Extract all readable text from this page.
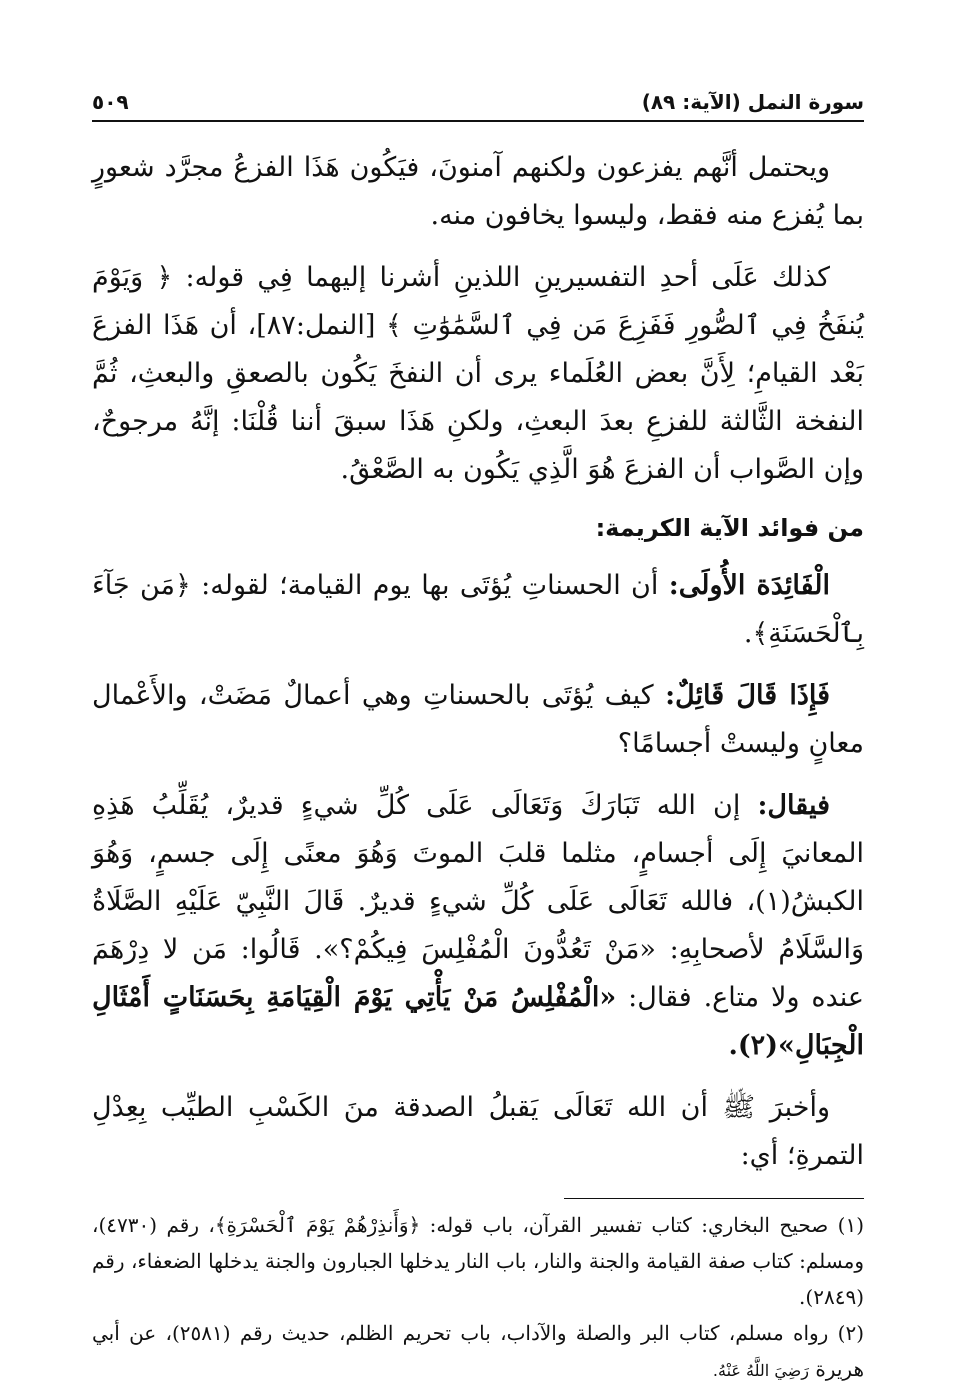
سورة النمل (الآية: ٨٩)
٥٠٩

ويحتمل أنَّهم يفزعون ولكنهم آمنونَ، فيَكُون هَذَا الفزعُ مجرَّد شعورٍ بما يُفزع منه فقط، وليسوا يخافون منه.

كذلك عَلَى أحدِ التفسيرينِ اللذينِ أشرنا إليهما فِي قوله: ﴿ وَيَوْمَ يُنفَخُ فِي ٱلصُّورِ فَفَزِعَ مَن فِي ٱلسَّمَٰوَٰتِ ﴾ [النمل:٨٧]، أن هَذَا الفزعَ بَعْد القيامِ؛ لِأَنَّ بعض العُلَماء يرى أن النفخَ يَكُون بالصعقِ والبعثِ، ثُمَّ النفخة الثَّالثة للفزعِ بعدَ البعثِ، ولكنِ هَذَا سبقَ أننا قُلْنَا: إنَّهُ مرجوحٌ، وإن الصَّواب أن الفزعَ هُوَ الَّذِي يَكُون به الصَّعْقُ.

من فوائد الآية الكريمة:

الْفَائِدَة الأُولَى: أن الحسناتِ يُؤتَى بها يوم القيامة؛ لقوله: ﴿مَن جَآءَ بِٱلْحَسَنَةِ﴾.

فَإِذَا قَالَ قَائِلٌ: كيف يُؤتَى بالحسناتِ وهي أعمالٌ مَضَتْ، والأَعْمال معانٍ وليستْ أجسامًا؟

فيقال: إن الله تَبَارَكَ وَتَعَالَى عَلَى كُلِّ شيءٍ قديرٌ، يُقَلِّبُ هَذِهِ المعانيَ إِلَى أجسامٍ، مثلما قلبَ الموتَ وَهُوَ معنًى إِلَى جسمٍ، وَهُوَ الكبشُ(١)، فالله تَعَالَى عَلَى كُلِّ شيءٍ قديرٌ. قَالَ النَّبِيّ عَلَيْهِ الصَّلَاةُ وَالسَّلَامُ لأصحابِهِ: «مَنْ تَعُدُّونَ الْمُفْلِسَ فِيكُمْ؟». قَالُوا: مَن لا دِرْهَمَ عنده ولا متاع. فقال: «الْمُفْلِسُ مَنْ يَأْتِي يَوْمَ الْقِيَامَةِ بِحَسَنَاتٍ أَمْثَالِ الْجِبَالِ»(٢).

وأخبرَ ﷺ أن الله تَعَالَى يَقبلُ الصدقة منَ الكَسْبِ الطيِّب بِعِدْلِ التمرةِ؛ أي:

(١) صحيح البخاري: كتاب تفسير القرآن، باب قوله: ﴿وَأَنذِرْهُمْ يَوْمَ ٱلْحَسْرَةِ﴾، رقم (٤٧٣٠)، ومسلم: كتاب صفة القيامة والجنة والنار، باب النار يدخلها الجبارون والجنة يدخلها الضعفاء، رقم (٢٨٤٩).

(٢) رواه مسلم، كتاب البر والصلة والآداب، باب تحريم الظلم، حديث رقم (٢٥٨١)، عن أبي هريرة رَضِيَ اللَّهُ عَنْهُ.
